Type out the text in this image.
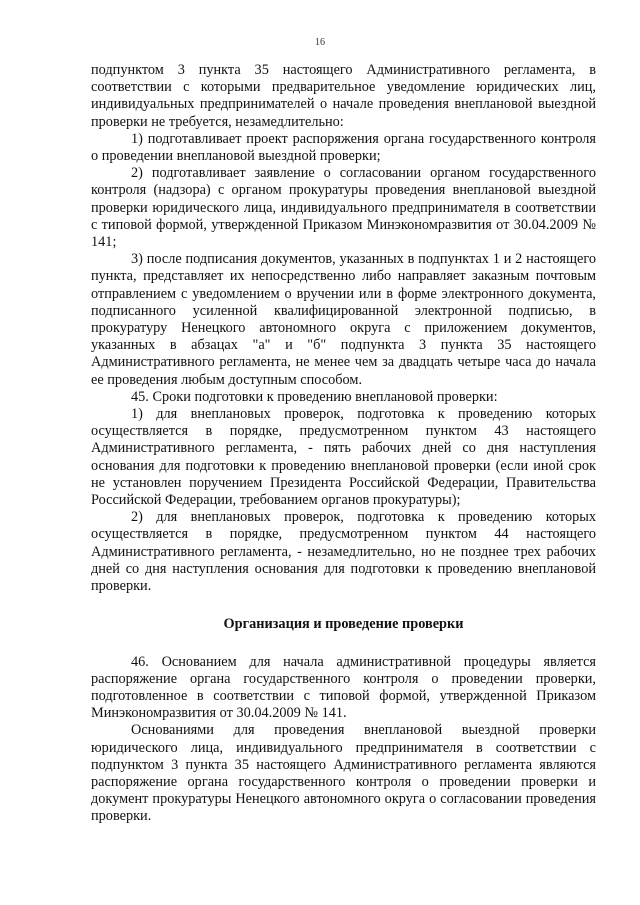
16

подпунктом 3 пункта 35 настоящего Административного регламента, в соответствии с которыми предварительное уведомление юридических лиц, индивидуальных предпринимателей о начале проведения внеплановой выездной проверки не требуется, незамедлительно:

1) подготавливает проект распоряжения органа государственного контроля о проведении внеплановой выездной проверки;

2) подготавливает заявление о согласовании органом государственного контроля (надзора) с органом прокуратуры проведения внеплановой выездной проверки юридического лица, индивидуального предпринимателя в соответствии с типовой формой, утвержденной Приказом Минэкономразвития от 30.04.2009 № 141;

3) после подписания документов, указанных в подпунктах 1 и 2 настоящего пункта, представляет их непосредственно либо направляет заказным почтовым отправлением с уведомлением о вручении или в форме электронного документа, подписанного усиленной квалифицированной электронной подписью, в прокуратуру Ненецкого автономного округа с приложением документов, указанных в абзацах "а" и "б" подпункта 3 пункта 35 настоящего Административного регламента, не менее чем за двадцать четыре часа до начала ее проведения любым доступным способом.

45. Сроки подготовки к проведению внеплановой проверки:

1) для внеплановых проверок, подготовка к проведению которых осуществляется в порядке, предусмотренном пунктом 43 настоящего Административного регламента, - пять рабочих дней со дня наступления основания для подготовки к проведению внеплановой проверки (если иной срок не установлен поручением Президента Российской Федерации, Правительства Российской Федерации, требованием органов прокуратуры);

2) для внеплановых проверок, подготовка к проведению которых осуществляется в порядке, предусмотренном пунктом 44 настоящего Административного регламента, - незамедлительно, но не позднее трех рабочих дней со дня наступления основания для подготовки к проведению внеплановой проверки.

Организация и проведение проверки

46. Основанием для начала административной процедуры является распоряжение органа государственного контроля о проведении проверки, подготовленное в соответствии с типовой формой, утвержденной Приказом Минэкономразвития от 30.04.2009 № 141.

Основаниями для проведения внеплановой выездной проверки юридического лица, индивидуального предпринимателя в соответствии с подпунктом 3 пункта 35 настоящего Административного регламента являются распоряжение органа государственного контроля о проведении проверки и документ прокуратуры Ненецкого автономного округа о согласовании проведения проверки.
